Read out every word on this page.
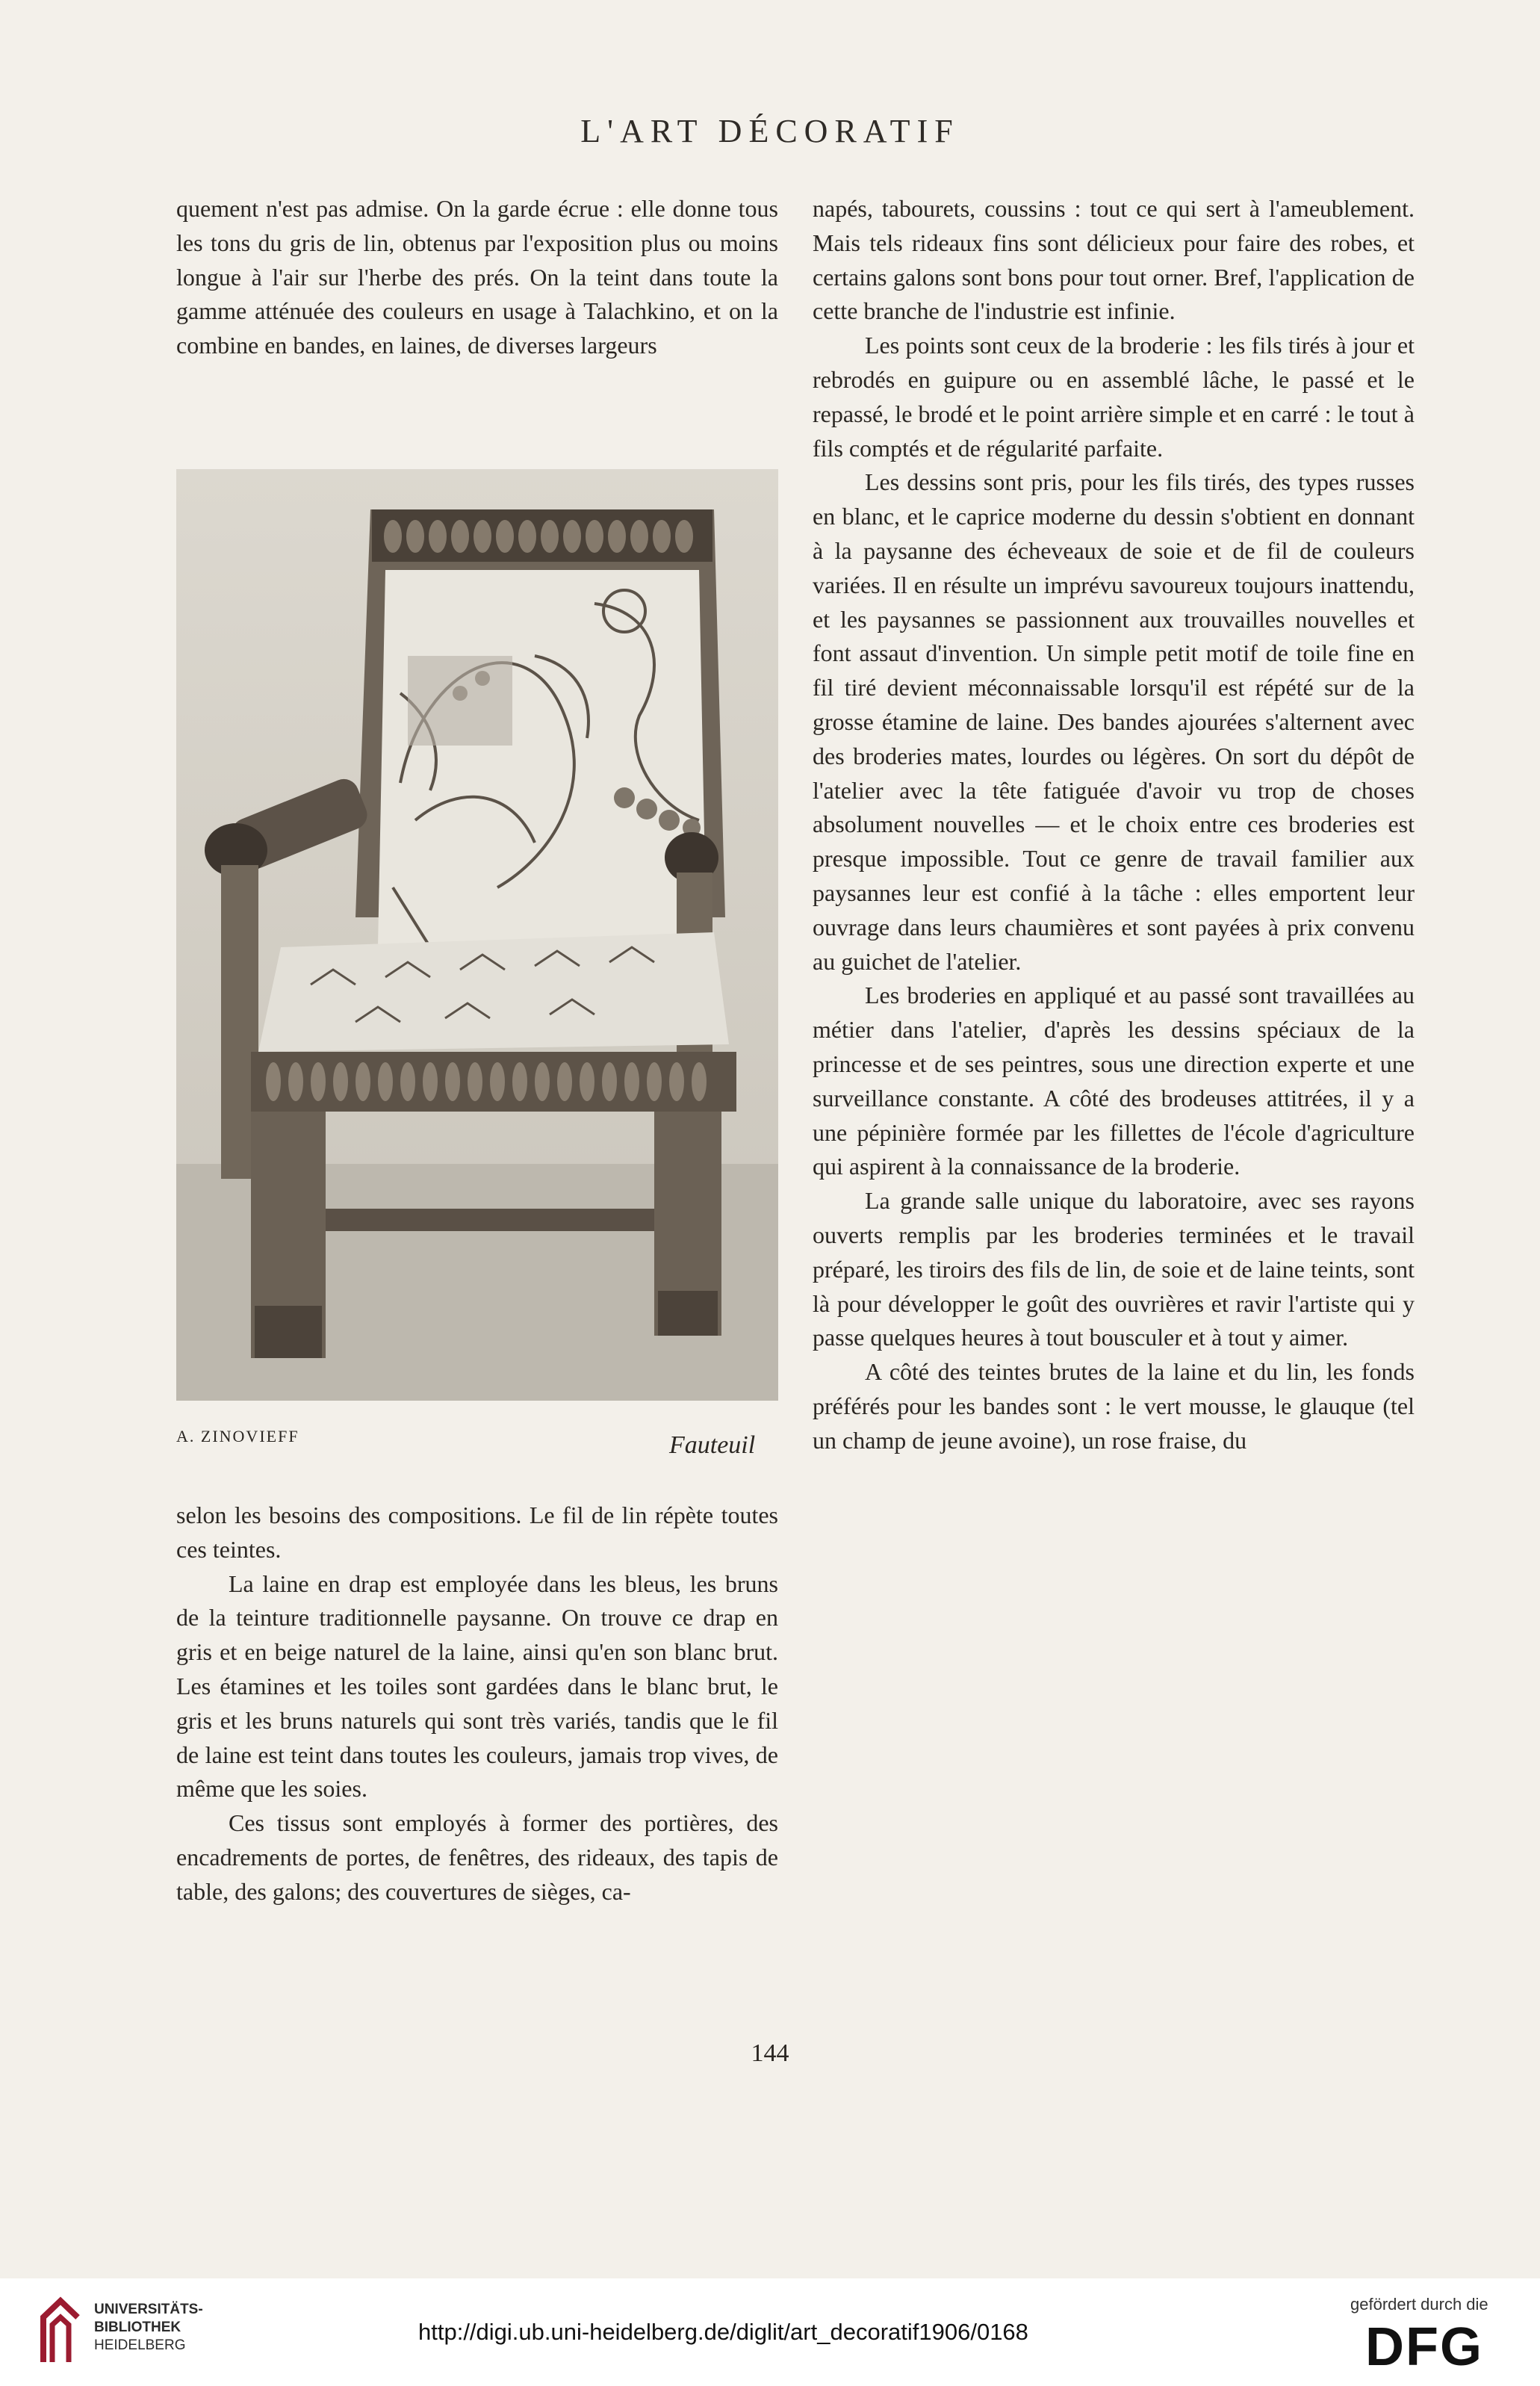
L'ART DÉCORATIF

quement n'est pas admise. On la garde écrue : elle donne tous les tons du gris de lin, obtenus par l'exposition plus ou moins longue à l'air sur l'herbe des prés. On la teint dans toute la gamme atténuée des couleurs en usage à Talachkino, et on la combine en bandes, en laines, de diverses largeurs

A. ZINOVIEFF	Fauteuil

selon les besoins des compositions. Le fil de lin répète toutes ces teintes.

La laine en drap est employée dans les bleus, les bruns de la teinture traditionnelle paysanne. On trouve ce drap en gris et en beige naturel de la laine, ainsi qu'en son blanc brut. Les étamines et les toiles sont gardées dans le blanc brut, le gris et les bruns naturels qui sont très variés, tandis que le fil de laine est teint dans toutes les couleurs, jamais trop vives, de même que les soies.

Ces tissus sont employés à former des portières, des encadrements de portes, de fenêtres, des rideaux, des tapis de table, des galons; des couvertures de sièges, ca-

napés, tabourets, coussins : tout ce qui sert à l'ameublement. Mais tels rideaux fins sont délicieux pour faire des robes, et certains galons sont bons pour tout orner. Bref, l'application de cette branche de l'industrie est infinie.

Les points sont ceux de la broderie : les fils tirés à jour et rebrodés en guipure ou en assemblé lâche, le passé et le repassé, le brodé et le point arrière simple et en carré : le tout à fils comptés et de régularité parfaite.

Les dessins sont pris, pour les fils tirés, des types russes en blanc, et le caprice moderne du dessin s'obtient en donnant à la paysanne des écheveaux de soie et de fil de couleurs variées. Il en résulte un imprévu savoureux toujours inattendu, et les paysannes se passionnent aux trouvailles nouvelles et font assaut d'invention. Un simple petit motif de toile fine en fil tiré devient méconnaissable lorsqu'il est répété sur de la grosse étamine de laine. Des bandes ajourées s'alternent avec des broderies mates, lourdes ou légères. On sort du dépôt de l'atelier avec la tête fatiguée d'avoir vu trop de choses absolument nouvelles — et le choix entre ces broderies est presque impossible. Tout ce genre de travail familier aux paysannes leur est confié à la tâche : elles emportent leur ouvrage dans leurs chaumières et sont payées à prix convenu au guichet de l'atelier.

Les broderies en appliqué et au passé sont travaillées au métier dans l'atelier, d'après les dessins spéciaux de la princesse et de ses peintres, sous une direction experte et une surveillance constante. A côté des brodeuses attitrées, il y a une pépinière formée par les fillettes de l'école d'agriculture qui aspirent à la connaissance de la broderie.

La grande salle unique du laboratoire, avec ses rayons ouverts remplis par les broderies terminées et le travail préparé, les tiroirs des fils de lin, de soie et de laine teints, sont là pour développer le goût des ouvrières et ravir l'artiste qui y passe quelques heures à tout bousculer et à tout y aimer.

A côté des teintes brutes de la laine et du lin, les fonds préférés pour les bandes sont : le vert mousse, le glauque (tel un champ de jeune avoine), un rose fraise, du

144
UNIVERSITÄTS-
BIBLIOTHEK
HEIDELBERG
http://digi.ub.uni-heidelberg.de/diglit/art_decoratif1906/0168
gefördert durch die
DFG
